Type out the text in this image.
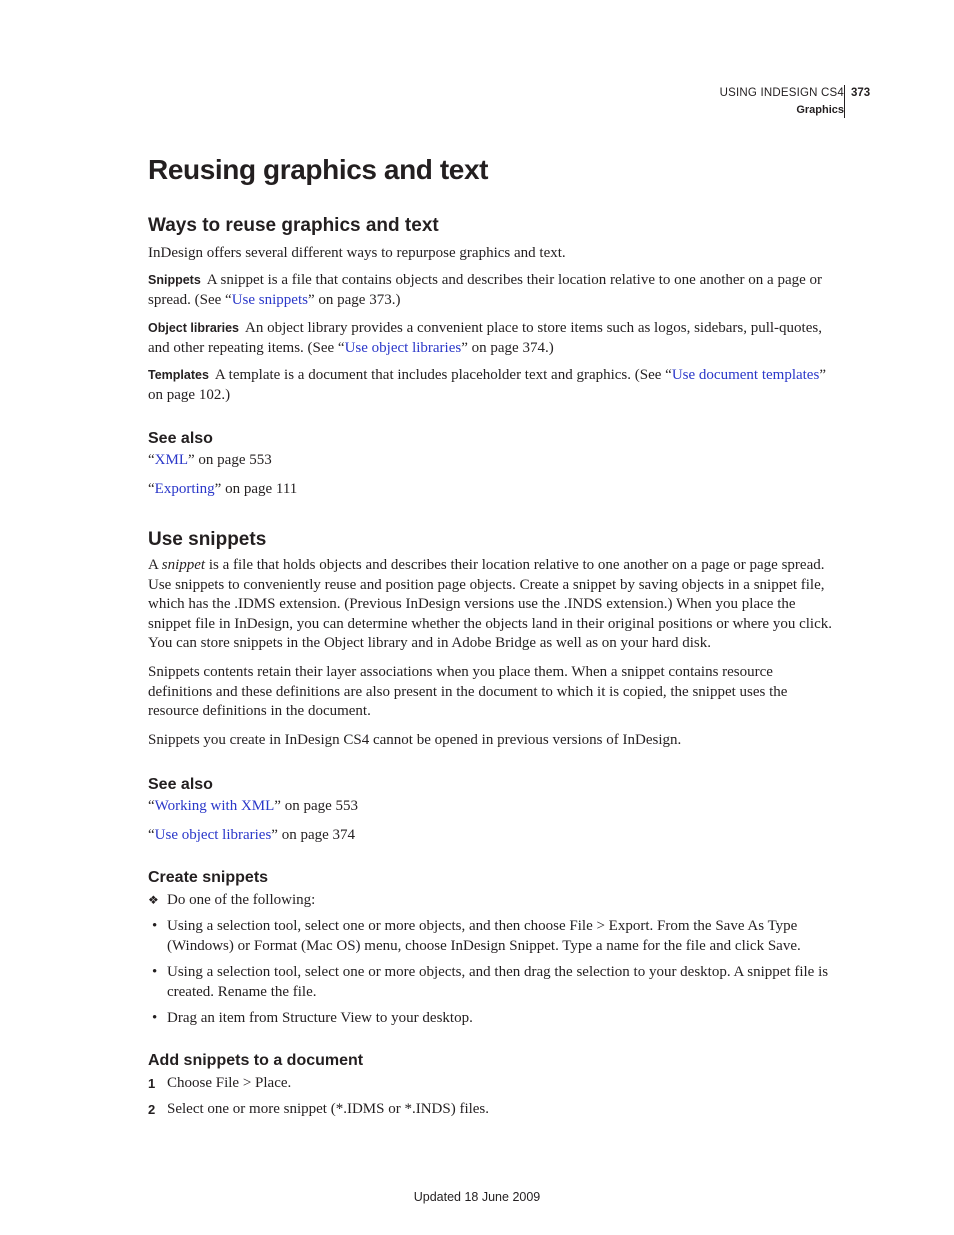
USING INDESIGN CS4
Graphics
373
Reusing graphics and text
Ways to reuse graphics and text

InDesign offers several different ways to repurpose graphics and text.

Snippets A snippet is a file that contains objects and describes their location relative to one another on a page or spread. (See “Use snippets” on page 373.)

Object libraries An object library provides a convenient place to store items such as logos, sidebars, pull-quotes, and other repeating items. (See “Use object libraries” on page 374.)

Templates A template is a document that includes placeholder text and graphics. (See “Use document templates” on page 102.)

See also

“XML” on page 553

“Exporting” on page 111

Use snippets

A snippet is a file that holds objects and describes their location relative to one another on a page or page spread. Use snippets to conveniently reuse and position page objects. Create a snippet by saving objects in a snippet file, which has the .IDMS extension. (Previous InDesign versions use the .INDS extension.) When you place the snippet file in InDesign, you can determine whether the objects land in their original positions or where you click. You can store snippets in the Object library and in Adobe Bridge as well as on your hard disk.

Snippets contents retain their layer associations when you place them. When a snippet contains resource definitions and these definitions are also present in the document to which it is copied, the snippet uses the resource definitions in the document.

Snippets you create in InDesign CS4 cannot be opened in previous versions of InDesign.

See also

“Working with XML” on page 553

“Use object libraries” on page 374

Create snippets
❖ Do one of the following:
• Using a selection tool, select one or more objects, and then choose File > Export. From the Save As Type (Windows) or Format (Mac OS) menu, choose InDesign Snippet. Type a name for the file and click Save.
• Using a selection tool, select one or more objects, and then drag the selection to your desktop. A snippet file is created. Rename the file.
• Drag an item from Structure View to your desktop.
Add snippets to a document
1 Choose File > Place.
2 Select one or more snippet (*.IDMS or *.INDS) files.
Updated 18 June 2009
